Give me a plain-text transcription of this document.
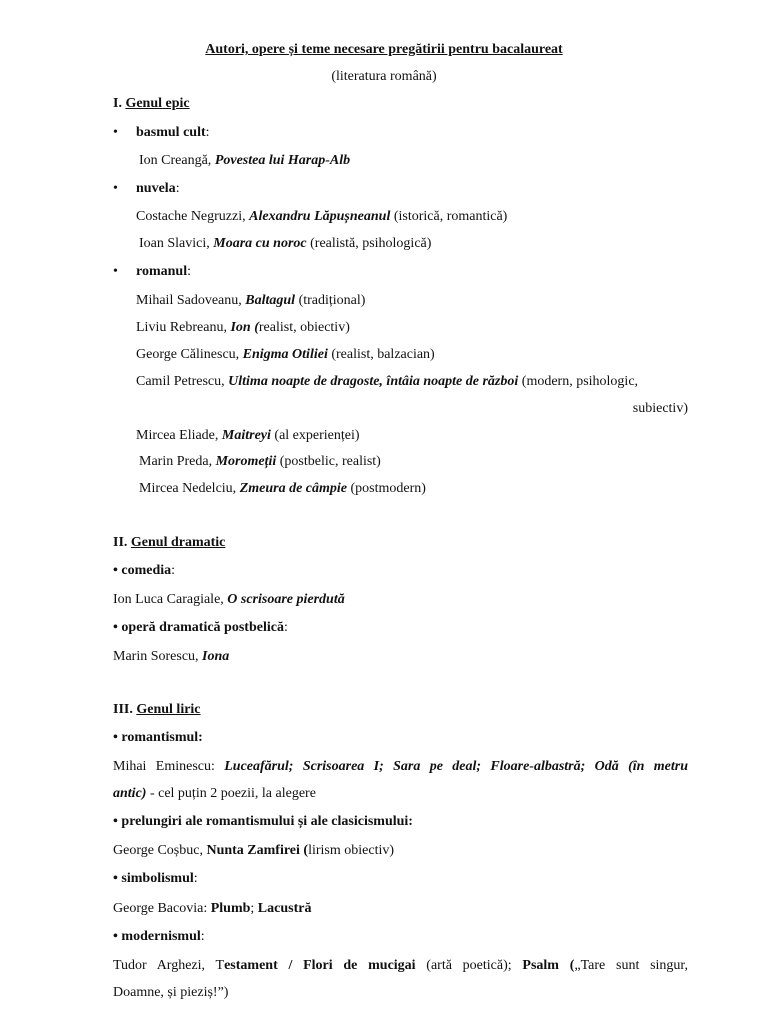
Autori, opere și teme necesare pregătirii pentru bacalaureat
(literatura română)
I. Genul epic
•	basmul cult:
Ion Creangă, Povestea lui Harap-Alb
•	nuvela:
Costache Negruzzi, Alexandru Lăpușneanul (istorică, romantică)
Ioan Slavici, Moara cu noroc (realistă, psihologică)
•	romanul:
Mihail Sadoveanu, Baltagul (tradițional)
Liviu Rebreanu, Ion (realist, obiectiv)
George Călinescu, Enigma Otiliei (realist, balzacian)
Camil Petrescu, Ultima noapte de dragoste, întâia noapte de război (modern, psihologic,
subiectiv)
Mircea Eliade, Maitreyi (al experienței)
Marin Preda, Moromeții (postbelic, realist)
Mircea Nedelciu, Zmeura de câmpie (postmodern)
II. Genul dramatic
• comedia:
Ion Luca Caragiale, O scrisoare pierdută
• operă dramatică postbelică:
Marin Sorescu, Iona
III. Genul liric
• romantismul:
Mihai Eminescu: Luceafărul; Scrisoarea I; Sara pe deal; Floare-albastră; Odă (în metru
antic) - cel puțin 2 poezii, la alegere
• prelungiri ale romantismului și ale clasicismului:
George Coșbuc, Nunta Zamfirei (lirism obiectiv)
• simbolismul:
George Bacovia: Plumb; Lacustră
• modernismul:
Tudor Arghezi, Testament / Flori de mucigai (artă poetică); Psalm („Tare sunt singur,
Doamne, și pieziș!”)
